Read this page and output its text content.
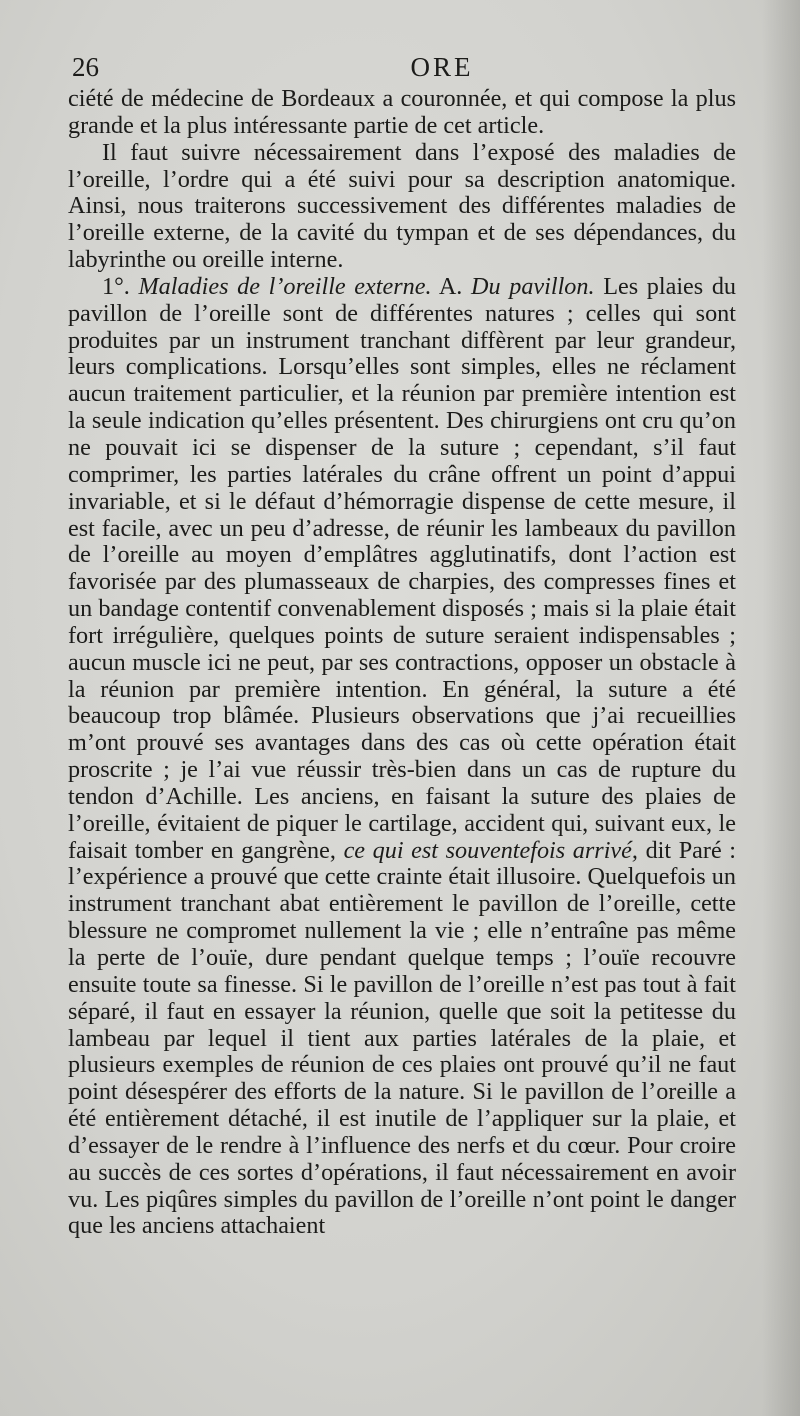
26	ORE

ciété de médecine de Bordeaux a couronnée, et qui compose la plus grande et la plus intéressante partie de cet article.

Il faut suivre nécessairement dans l’exposé des maladies de l’oreille, l’ordre qui a été suivi pour sa description anatomique. Ainsi, nous traiterons successivement des différentes maladies de l’oreille externe, de la cavité du tympan et de ses dépendances, du labyrinthe ou oreille interne.

1°. Maladies de l’oreille externe. A. Du pavillon. Les plaies du pavillon de l’oreille sont de différentes natures ; celles qui sont produites par un instrument tranchant diffèrent par leur grandeur, leurs complications. Lorsqu’elles sont simples, elles ne réclament aucun traitement particulier, et la réunion par première intention est la seule indication qu’elles présentent. Des chirurgiens ont cru qu’on ne pouvait ici se dispenser de la suture ; cependant, s’il faut comprimer, les parties latérales du crâne offrent un point d’appui invariable, et si le défaut d’hémorragie dispense de cette mesure, il est facile, avec un peu d’adresse, de réunir les lambeaux du pavillon de l’oreille au moyen d’emplâtres agglutinatifs, dont l’action est favorisée par des plumasseaux de charpies, des compresses fines et un bandage contentif convenablement disposés ; mais si la plaie était fort irrégulière, quelques points de suture seraient indispensables ; aucun muscle ici ne peut, par ses contractions, opposer un obstacle à la réunion par première intention. En général, la suture a été beaucoup trop blâmée. Plusieurs observations que j’ai recueillies m’ont prouvé ses avantages dans des cas où cette opération était proscrite ; je l’ai vue réussir très-bien dans un cas de rupture du tendon d’Achille. Les anciens, en faisant la suture des plaies de l’oreille, évitaient de piquer le cartilage, accident qui, suivant eux, le faisait tomber en gangrène, ce qui est souventefois arrivé, dit Paré : l’expérience a prouvé que cette crainte était illusoire. Quelquefois un instrument tranchant abat entièrement le pavillon de l’oreille, cette blessure ne compromet nullement la vie ; elle n’entraîne pas même la perte de l’ouïe, dure pendant quelque temps ; l’ouïe recouvre ensuite toute sa finesse. Si le pavillon de l’oreille n’est pas tout à fait séparé, il faut en essayer la réunion, quelle que soit la petitesse du lambeau par lequel il tient aux parties latérales de la plaie, et plusieurs exemples de réunion de ces plaies ont prouvé qu’il ne faut point désespérer des efforts de la nature. Si le pavillon de l’oreille a été entièrement détaché, il est inutile de l’appliquer sur la plaie, et d’essayer de le rendre à l’influence des nerfs et du cœur. Pour croire au succès de ces sortes d’opérations, il faut nécessairement en avoir vu. Les piqûres simples du pavillon de l’oreille n’ont point le danger que les anciens attachaient
